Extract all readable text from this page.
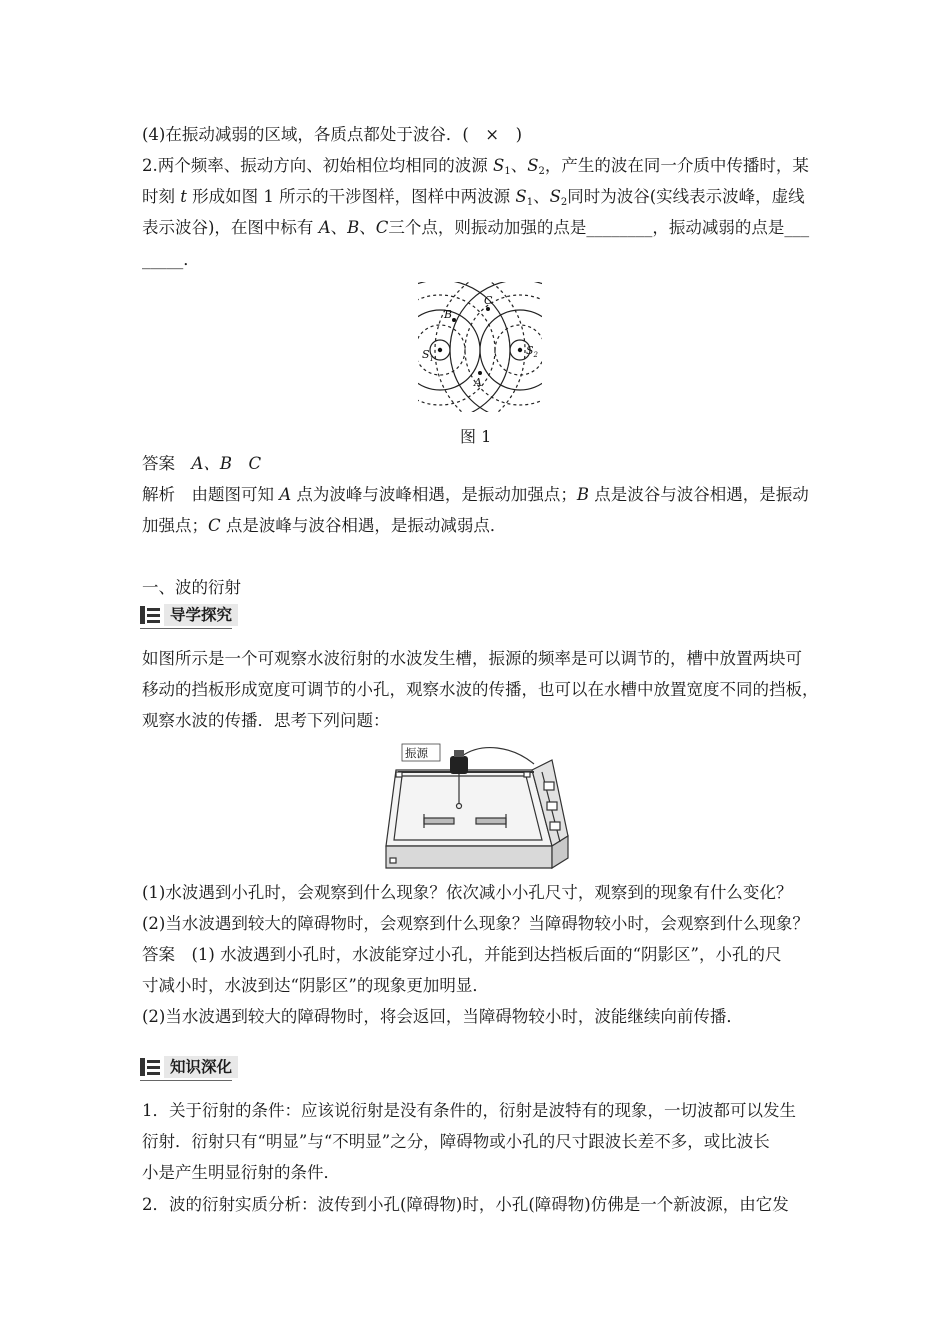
(4)在振动减弱的区域，各质点都处于波谷．(　×　)
2.两个频率、振动方向、初始相位均相同的波源 $S_1$、$S_2$，产生的波在同一介质中传播时，某
时刻 t 形成如图 1 所示的干涉图样，图样中两波源 $S_1$、$S_2$同时为波谷(实线表示波峰，虚线
表示波谷)，在图中标有 A、B、C三个点，则振动加强的点是________，振动减弱的点是___
_____．
$S_1$
$S_2$
A
B
C
图 1
答案　 A、B　C
解析　 由题图可知 A 点为波峰与波峰相遇，是振动加强点；B 点是波谷与波谷相遇，是振动
加强点；C 点是波峰与波谷相遇，是振动减弱点．
一、波的衍射
导学探究
如图所示是一个可观察水波衍射的水波发生槽，振源的频率是可以调节的，槽中放置两块可
移动的挡板形成宽度可调节的小孔，观察水波的传播，也可以在水槽中放置宽度不同的挡板，
观察水波的传播．思考下列问题：
振源
(1)水波遇到小孔时，会观察到什么现象？依次减小小孔尺寸，观察到的现象有什么变化？
(2)当水波遇到较大的障碍物时，会观察到什么现象？当障碍物较小时，会观察到什么现象？
答案　 (1) 水波遇到小孔时，水波能穿过小孔，并能到达挡板后面的“阴影区”，小孔的尺
寸减小时，水波到达“阴影区”的现象更加明显．
(2)当水波遇到较大的障碍物时，将会返回，当障碍物较小时，波能继续向前传播．
知识深化
1．关于衍射的条件：应该说衍射是没有条件的，衍射是波特有的现象，一切波都可以发生
衍射．衍射只有“明显”与“不明显”之分，障碍物或小孔的尺寸跟波长差不多，或比波长
小是产生明显衍射的条件．
2．波的衍射实质分析：波传到小孔(障碍物)时，小孔(障碍物)仿佛是一个新波源，由它发
